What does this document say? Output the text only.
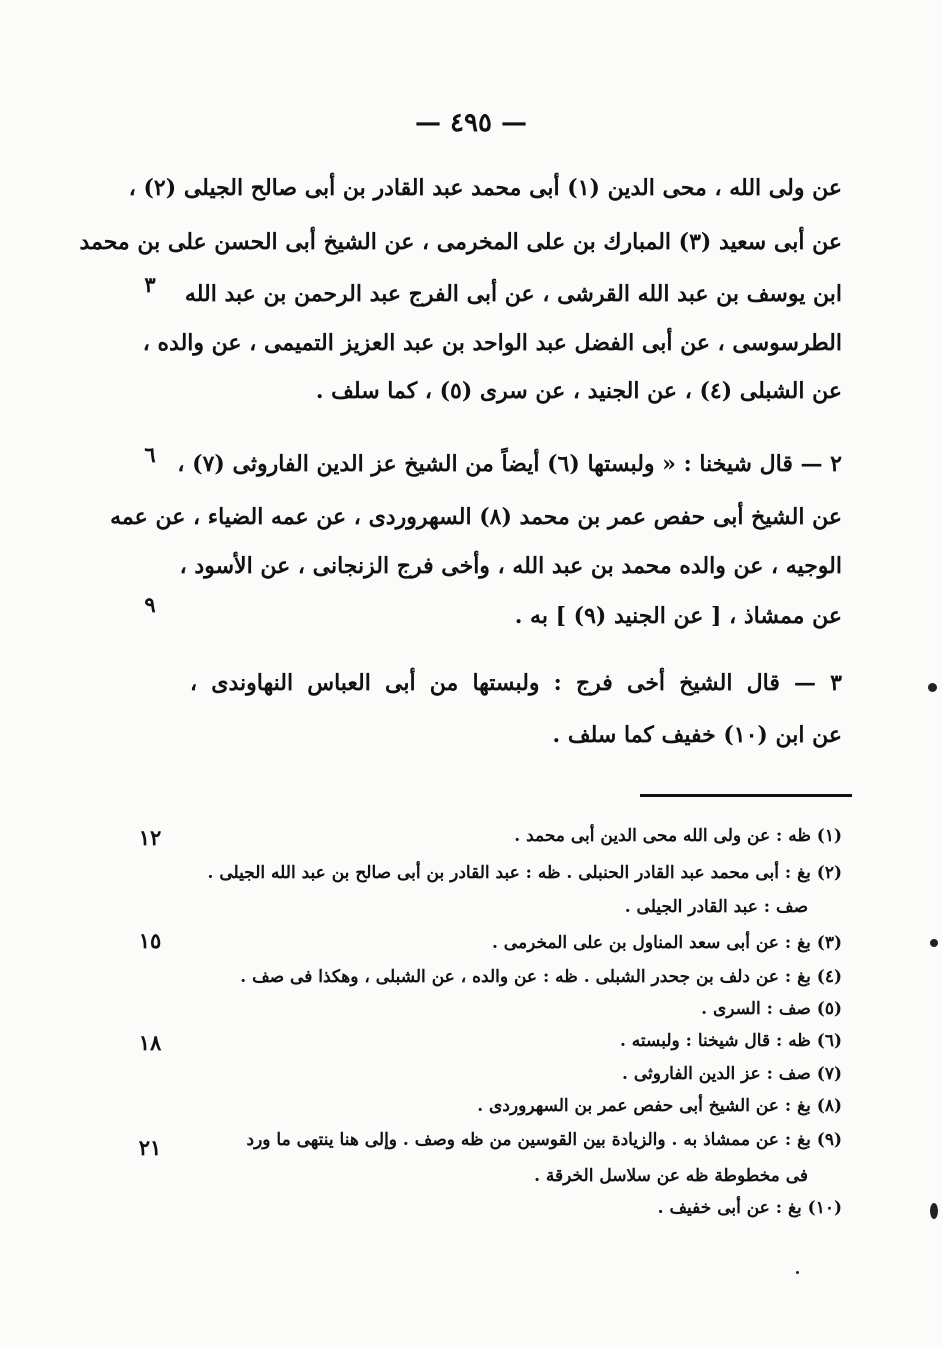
— ٤٩٥ —
عن ولى الله ، محى الدين (١) أبى محمد عبد القادر بن أبى صالح الجيلى (٢) ،
عن أبى سعيد (٣) المبارك بن على المخرمى ، عن الشيخ أبى الحسن على بن محمد
ابن يوسف بن عبد الله القرشى ، عن أبى الفرج عبد الرحمن بن عبد الله
الطرسوسى ، عن أبى الفضل عبد الواحد بن عبد العزيز التميمى ، عن والده ،
عن الشبلى (٤) ، عن الجنيد ، عن سرى (٥) ، كما سلف .
٢ — قال شيخنا : « ولبستها (٦) أيضاً من الشيخ عز الدين الفاروثى (٧) ،
عن الشيخ أبى حفص عمر بن محمد (٨) السهروردى ، عن عمه الضياء ، عن عمه
الوجيه ، عن والده محمد بن عبد الله ، وأخى فرج الزنجانى ، عن الأسود ،
عن ممشاذ ، [ عن الجنيد (٩) ] به .
٣ — قال الشيخ أخى فرج : ولبستها من أبى العباس النهاوندى ،
عن ابن (١٠) خفيف كما سلف .
٣
٦
٩
١٢
١٥
١٨
٢١
(١) ظه : عن ولى الله محى الدين أبى محمد .
(٢) بغ : أبى محمد عبد القادر الحنبلى . ظه : عبد القادر بن أبى صالح بن عبد الله الجيلى .
صف : عبد القادر الجيلى .
(٣) بغ : عن أبى سعد المناول بن على المخرمى .
(٤) بغ : عن دلف بن جحدر الشبلى . ظه : عن والده ، عن الشبلى ، وهكذا فى صف .
(٥) صف : السرى .
(٦) ظه : قال شيخنا : ولبسته .
(٧) صف : عز الدين الفاروثى .
(٨) بغ : عن الشيخ أبى حفص عمر بن السهروردى .
(٩) بغ : عن ممشاذ به . والزيادة بين القوسين من ظه وصف . وإلى هنا ينتهى ما ورد
فى مخطوطة ظه عن سلاسل الخرقة .
(١٠) بغ : عن أبى خفيف .
